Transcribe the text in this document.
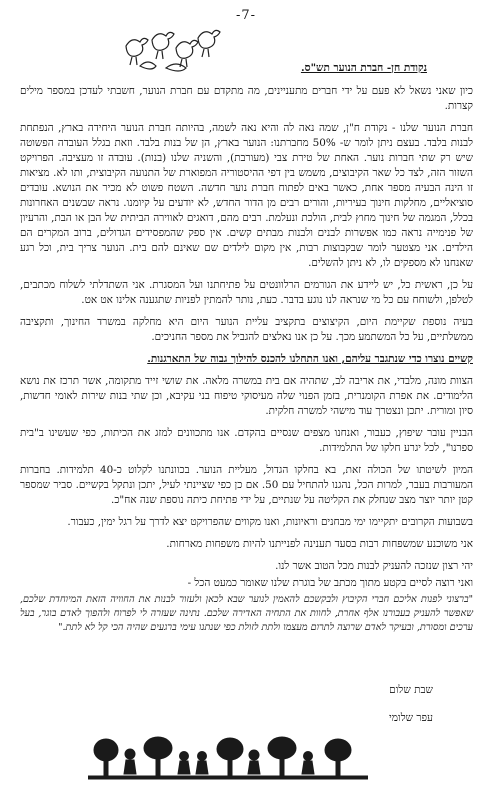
-7-
נקודת חן- חברת הנוער תש"ס.

כיון שאני נשאל לא פעם על ידי חברים מתעניינים, מה מתקדם עם חברת הנוער, חשבתי לעדכן במספר מילים קצרות.

חברת הנוער שלנו - נקודת ח"ן, שמה נאה לה והיא נאה לשמה, בהיותה חברת הנוער היחידה בארץ, הנפתחת לבנות בלבד. בעצם ניתן לומר ש- 50% מחברתנו: הנוער בארץ, הן של בנות בלבד. וזאת בגלל העובדה הפשוטה שיש רק שתי חברות נוער. האחת של טירת צבי (מעורבת), והשניה שלנו (בנות). עובדה זו מעציבה. הפרויקט השזור הזה, לצד כל שאר הקיבוצים, משמש בין דפי ההיסטוריה המפוארת של התנועה הקיבוצית, ותו לא. מציאות זו הינה הבעיה מספר אחת, כאשר באים לפתוח חברת נוער חדשה. השטח פשוט לא מכיר את הנושא. עובדים סוציאליים, מחלקות חינוך בעיריות, והורים רבים מן הדור החדש, לא יודעים על קיומנו. נראה שבשנים האחרונות בכלל, המגמה של חינוך מחוץ לבית, הולכת ונעלמת. רבים מהם, דואגים לאווירה הביתית של הבן או הבת, והרעיון של פנימייה נראה כמו אפשרות לבנים ולבנות מבתים קשים. אין ספק שהמפסידים הגדולים, ברוב המקרים הם הילדים. אני מצטער לומר שבקבוצות רבות, אין מקום לילדים שם שאינם להם בית. הנוער צריך בית, וכל רגע שאנחנו לא מספקים לו, לא ניתן להשלים.

על כן, ראשית כל, יש ליידע את הגורמים הרלוונטים על פתיחתנו ועל המסגרת. אני השתדלתי לשלוח מכתבים, לטלפן, ולשוחח עם כל מי שנראה לנו נוגע בדבר. כעת, נותר להמתין לפניות שתגענה אלינו אט אט.

בעיה נוספת שקיימת היום, הקיצוצים בתקציב עליית הנוער היום היא מחלקה במשרד החינוך, ותקציבה ממשלתיים, על כל המשתמע מכך. על כן אנו נאלצים להגביל את מספר החניכים.

קשיים נוצרו כדי שנתגבר עליהם, ואנו התחלנו להכנס להילוך גבוה של התארגנות.

הצוות מונה, מלבדי, את אריבה לב, שתהיה אם בית במשרה מלאה. את שושי זייד מתקומה, אשר תרכז את נושא הלימודים. את אפרת הקומנרית, בזמן הפנוי שלה מעיסוקי טיפוח בני עקיבא, וכן שתי בנות שירות לאומי חדשות, סיון ומורית. יתכן ונצטרך עוד מישהי למשרה חלקית.

הבניין עובר שיפוץ, כעבור, ואנחנו מצפים שנסיים בהקדם. אנו מתכוונים למזג את הכיתות, כפי שעשינו ב"בית ספרנו", לכל יגרע חלקו של התלמידות.

המיון לשיטתו של הכולה זאת, בא בחלקו הגדול, מעליית הנוער. בכוונתנו לקלוט כ-40 תלמידות. בחברות המעורבות בעבר, למרות הכל, נהגנו להתחיל עם 50. אם כן כפי שציינתי לעיל, יתכן ונתקל בקשיים. סביר שמספר קטן יותר יוצר מצב שנחלק את הקליטה על שנתיים, על ידי פתיחת כיתה נוספת שנה אח"כ.

בשבועות הקרובים יתקיימו ימי מבחנים וראיונות, ואנו מקווים שהפרויקט יצא לדרך על רגל ימין, כעבור.

אני משוכנע שמשפחות רבות בסעד תענינה לפנייתנו להיות משפחות מארחות.

יהי רצון שנזכה להעניק לבנות מכל הטוב אשר לנו.

ואני רוצה לסיים בקטע מתוך מכתב של בוגרת שלנו שאומר כמעט הכל -

"ברצוני לפנות אליכם חברי הקיבוץ ולבקשכם להאמין לנוער שבא לכאן ולעזור לבנות את החוויה הזאת המיוחדת שלכם, שאפשר להעניק בעבורנו אלף אחרת, לחוות את התחיה האדירה שלכם. נתינה שעזרה לי לפרוח ולהפוך לאדם בוגר, בעל ערכים ומסורת, ובעיקר לאדם שרוצה לתרום מעצמו ולתת לזולת כפי שנתנו עימי ברגעים שהיה הכי קל לא לתת."

שבת שלום
עפר שלומי
